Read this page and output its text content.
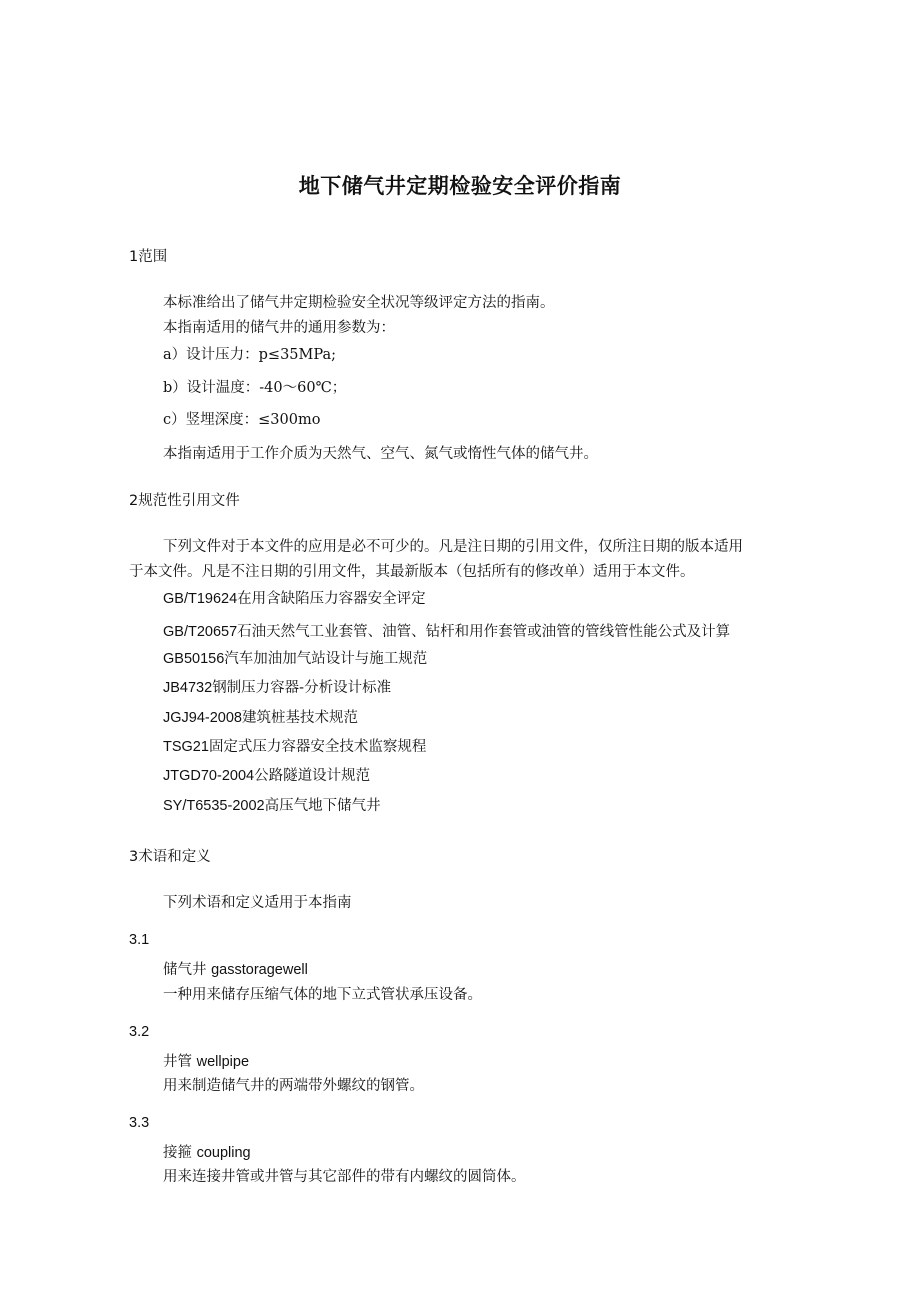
地下储气井定期检验安全评价指南
1范围
本标准给出了储气井定期检验安全状况等级评定方法的指南。
本指南适用的储气井的通用参数为：
a）设计压力：p≤35MPa;
b）设计温度：-40～60℃；
c）竖埋深度：≤300mo
本指南适用于工作介质为天然气、空气、氮气或惰性气体的储气井。
2规范性引用文件
下列文件对于本文件的应用是必不可少的。凡是注日期的引用文件，仅所注日期的版本适用
于本文件。凡是不注日期的引用文件，其最新版本（包括所有的修改单）适用于本文件。
GB/T19624在用含缺陷压力容器安全评定
GB/T20657石油天然气工业套管、油管、钻杆和用作套管或油管的管线管性能公式及计算
GB50156汽车加油加气站设计与施工规范
JB4732钢制压力容器-分析设计标准
JGJ94-2008建筑桩基技术规范
TSG21固定式压力容器安全技术监察规程
JTGD70-2004公路隧道设计规范
SY/T6535-2002高压气地下储气井
3术语和定义
下列术语和定义适用于本指南
3.1
储气井 gasstoragewell
一种用来储存压缩气体的地下立式管状承压设备。
3.2
井管 wellpipe
用来制造储气井的两端带外螺纹的钢管。
3.3
接箍 coupling
用来连接井管或井管与其它部件的带有内螺纹的圆筒体。
